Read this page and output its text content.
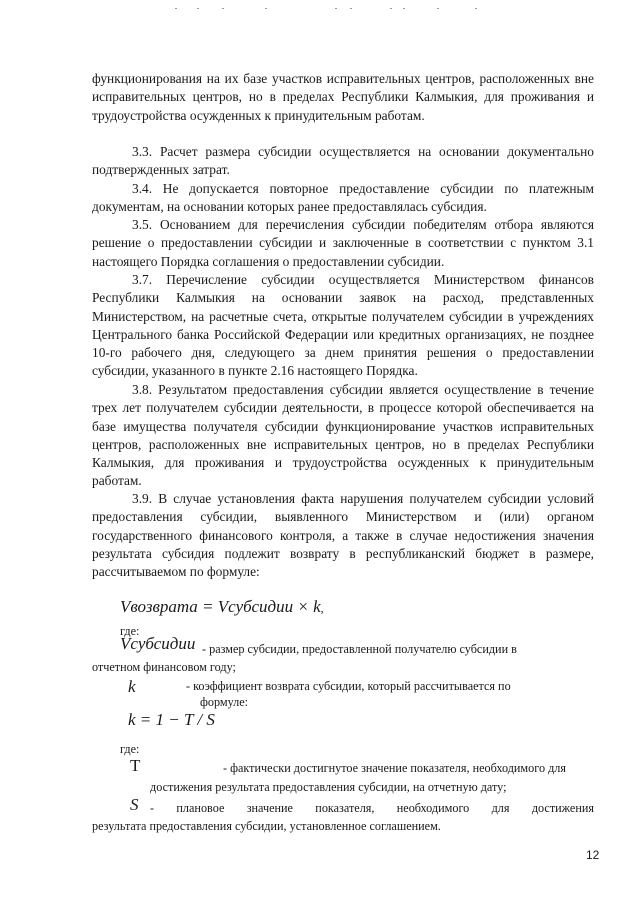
функционирования на их базе участков исправительных центров, расположенных вне исправительных центров, но в пределах Республики Калмыкия, для проживания и трудоустройства осужденных к принудительным работам.

3.3. Расчет размера субсидии осуществляется на основании документально подтвержденных затрат.

3.4. Не допускается повторное предоставление субсидии по платежным документам, на основании которых ранее предоставлялась субсидия.

3.5. Основанием для перечисления субсидии победителям отбора являются решение о предоставлении субсидии и заключенные в соответствии с пунктом 3.1 настоящего Порядка соглашения о предоставлении субсидии.

3.7. Перечисление субсидии осуществляется Министерством финансов Республики Калмыкия на основании заявок на расход, представленных Министерством, на расчетные счета, открытые получателем субсидии в учреждениях Центрального банка Российской Федерации или кредитных организациях, не позднее 10-го рабочего дня, следующего за днем принятия решения о предоставлении субсидии, указанного в пункте 2.16 настоящего Порядка.

3.8. Результатом предоставления субсидии является осуществление в течение трех лет получателем субсидии деятельности, в процессе которой обеспечивается на базе имущества получателя субсидии функционирование участков исправительных центров, расположенных вне исправительных центров, но в пределах Республики Калмыкия, для проживания и трудоустройства осужденных к принудительным работам.

3.9. В случае установления факта нарушения получателем субсидии условий предоставления субсидии, выявленного Министерством и (или) органом государственного финансового контроля, а также в случае недостижения значения результата субсидия подлежит возврату в республиканский бюджет в размере, рассчитываемом по формуле:

Vвозврата = Vсубсидии × k,
где:
Vсубсидии - размер субсидии, предоставленной получателю субсидии в
отчетном финансовом году;
k	- коэффициент возврата субсидии, который рассчитывается по
формуле:
k = 1 − T / S
где:
T	- фактически достигнутое значение показателя, необходимого для
достижения результата предоставления субсидии, на отчетную дату;
S - плановое значение показателя, необходимого для достижения
результата предоставления субсидии, установленное соглашением.
12
